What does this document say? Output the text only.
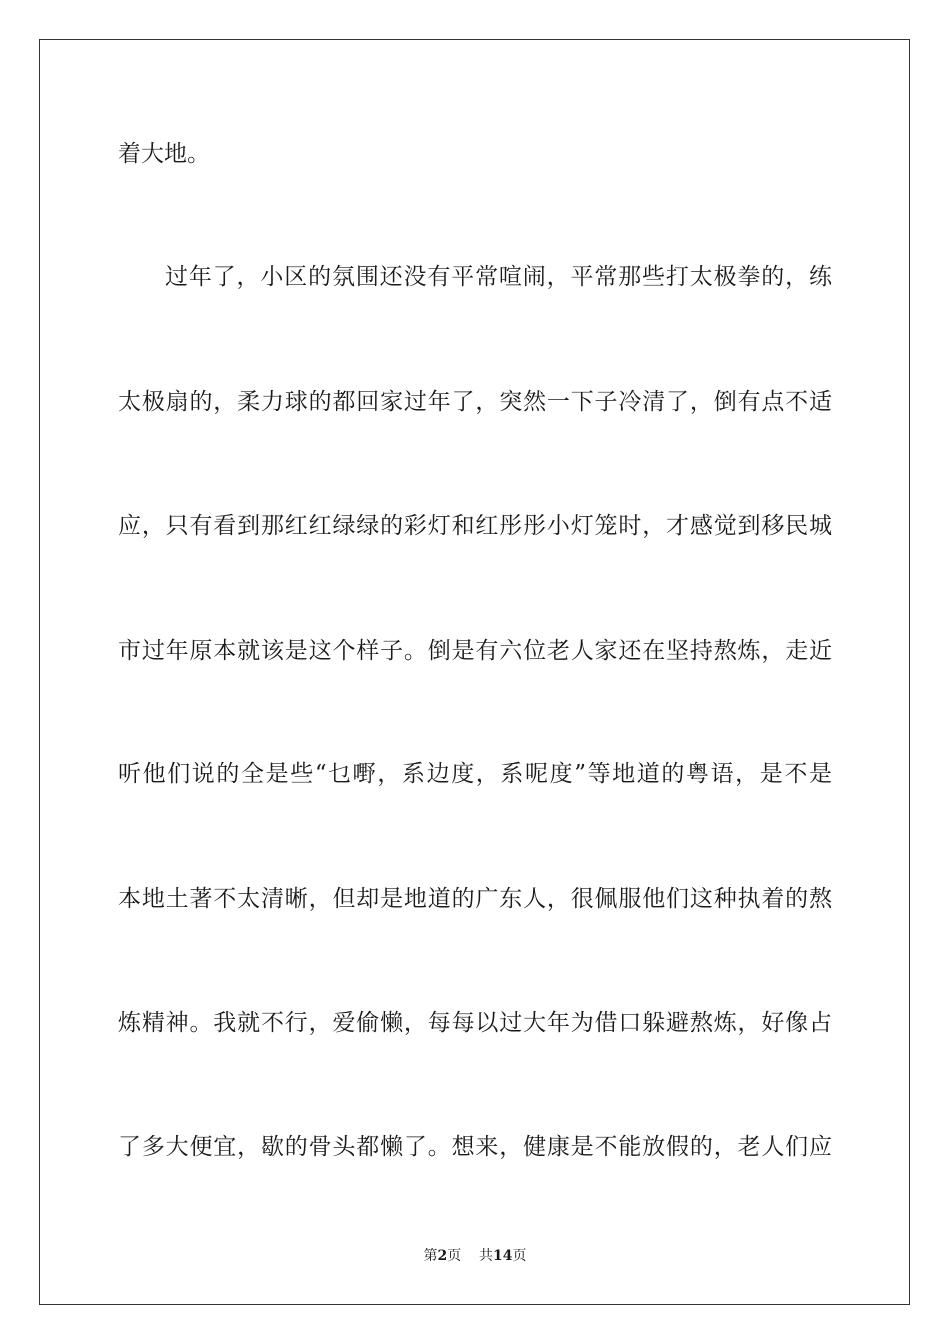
着大地。
过年了，小区的氛围还没有平常喧闹，平常那些打太极拳的，练
太极扇的，柔力球的都回家过年了，突然一下子冷清了，倒有点不适
应，只有看到那红红绿绿的彩灯和红彤彤小灯笼时，才感觉到移民城
市过年原本就该是这个样子。倒是有六位老人家还在坚持熬炼，走近
听他们说的全是些“乜嘢，系边度，系呢度”等地道的粤语，是不是
本地土著不太清晰，但却是地道的广东人，很佩服他们这种执着的熬
炼精神。我就不行，爱偷懒，每每以过大年为借口躲避熬炼，好像占
了多大便宜，歇的骨头都懒了。想来，健康是不能放假的，老人们应
第2页 共14页
